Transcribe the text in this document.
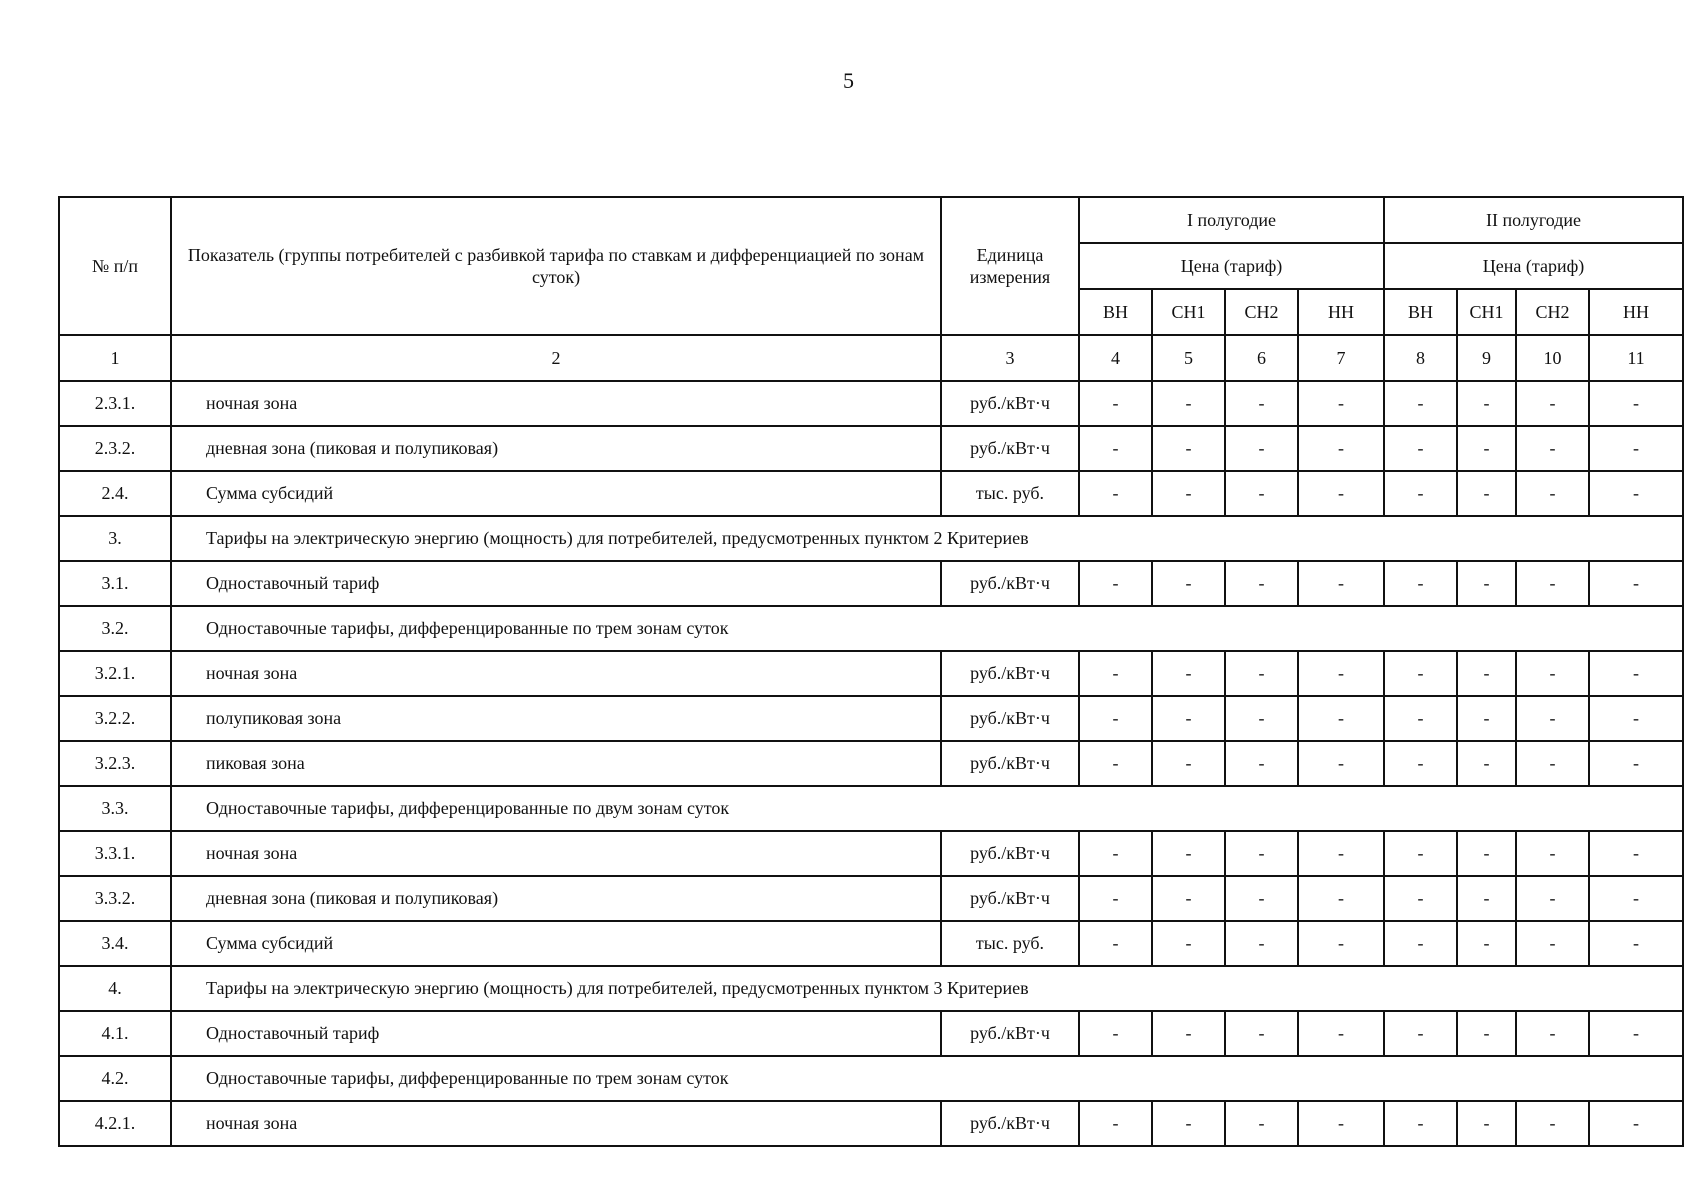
5
№ п/п	Показатель (группы потребителей с разбивкой тарифа по ставкам и дифференциацией по зонам суток)	Единица измерения	I полугодие				II полугодие			
			Цена (тариф)				Цена (тариф)			
			ВН	СН1	СН2	НН	ВН	СН1	СН2	НН
1	2	3	4	5	6	7	8	9	10	11
2.3.1.	ночная зона	руб./кВт·ч	-	-	-	-	-	-	-	-
2.3.2.	дневная зона (пиковая и полупиковая)	руб./кВт·ч	-	-	-	-	-	-	-	-
2.4.	Сумма субсидий	тыс. руб.	-	-	-	-	-	-	-	-
3.	Тарифы на электрическую энергию (мощность) для потребителей, предусмотренных пунктом 2 Критериев									
3.1.	Одноставочный тариф	руб./кВт·ч	-	-	-	-	-	-	-	-
3.2.	Одноставочные тарифы, дифференцированные по трем зонам суток									
3.2.1.	ночная зона	руб./кВт·ч	-	-	-	-	-	-	-	-
3.2.2.	полупиковая зона	руб./кВт·ч	-	-	-	-	-	-	-	-
3.2.3.	пиковая зона	руб./кВт·ч	-	-	-	-	-	-	-	-
3.3.	Одноставочные тарифы, дифференцированные по двум зонам суток									
3.3.1.	ночная зона	руб./кВт·ч	-	-	-	-	-	-	-	-
3.3.2.	дневная зона (пиковая и полупиковая)	руб./кВт·ч	-	-	-	-	-	-	-	-
3.4.	Сумма субсидий	тыс. руб.	-	-	-	-	-	-	-	-
4.	Тарифы на электрическую энергию (мощность) для потребителей, предусмотренных пунктом 3 Критериев									
4.1.	Одноставочный тариф	руб./кВт·ч	-	-	-	-	-	-	-	-
4.2.	Одноставочные тарифы, дифференцированные по трем зонам суток									
4.2.1.	ночная зона	руб./кВт·ч	-	-	-	-	-	-	-	-
